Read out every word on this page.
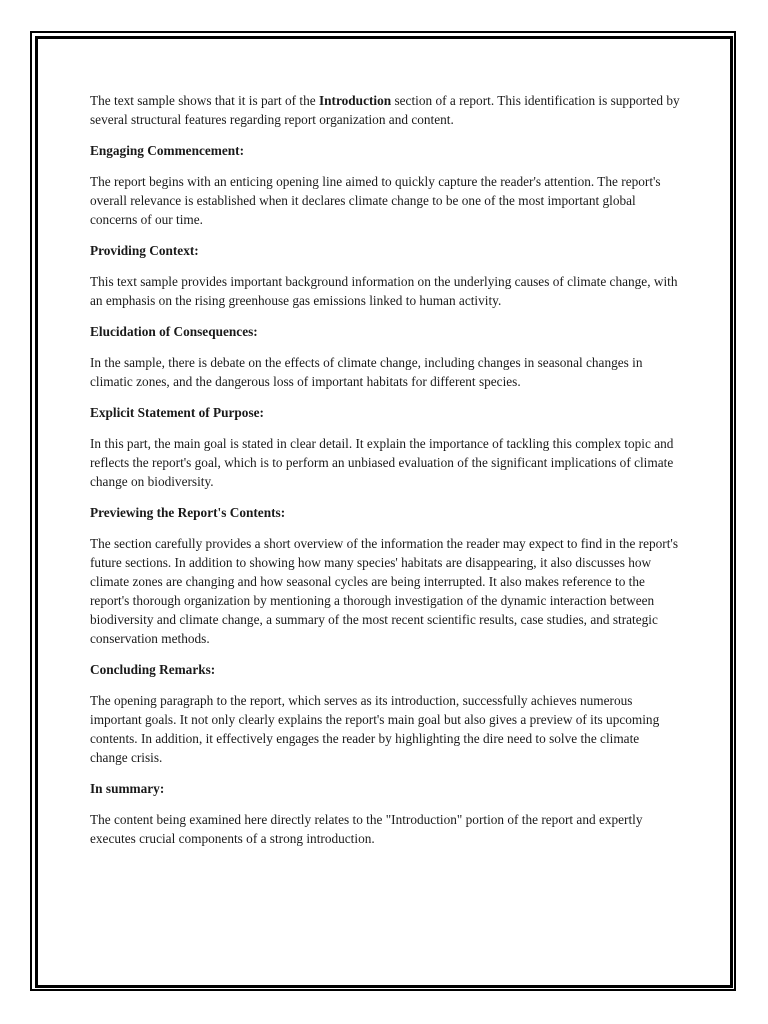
The text sample shows that it is part of the Introduction section of a report. This identification is supported by several structural features regarding report organization and content.

Engaging Commencement:

The report begins with an enticing opening line aimed to quickly capture the reader's attention. The report's overall relevance is established when it declares climate change to be one of the most important global concerns of our time.

Providing Context:

This text sample provides important background information on the underlying causes of climate change, with an emphasis on the rising greenhouse gas emissions linked to human activity.

Elucidation of Consequences:

In the sample, there is debate on the effects of climate change, including changes in seasonal changes in climatic zones, and the dangerous loss of important habitats for different species.

Explicit Statement of Purpose:

In this part, the main goal is stated in clear detail. It explain the importance of tackling this complex topic and reflects the report's goal, which is to perform an unbiased evaluation of the significant implications of climate change on biodiversity.

Previewing the Report's Contents:

The section carefully provides a short overview of the information the reader may expect to find in the report's future sections. In addition to showing how many species' habitats are disappearing, it also discusses how climate zones are changing and how seasonal cycles are being interrupted. It also makes reference to the report's thorough organization by mentioning a thorough investigation of the dynamic interaction between biodiversity and climate change, a summary of the most recent scientific results, case studies, and strategic conservation methods.

Concluding Remarks:

The opening paragraph to the report, which serves as its introduction, successfully achieves numerous important goals. It not only clearly explains the report's main goal but also gives a preview of its upcoming contents. In addition, it effectively engages the reader by highlighting the dire need to solve the climate change crisis.

In summary:

The content being examined here directly relates to the "Introduction" portion of the report and expertly executes crucial components of a strong introduction.
